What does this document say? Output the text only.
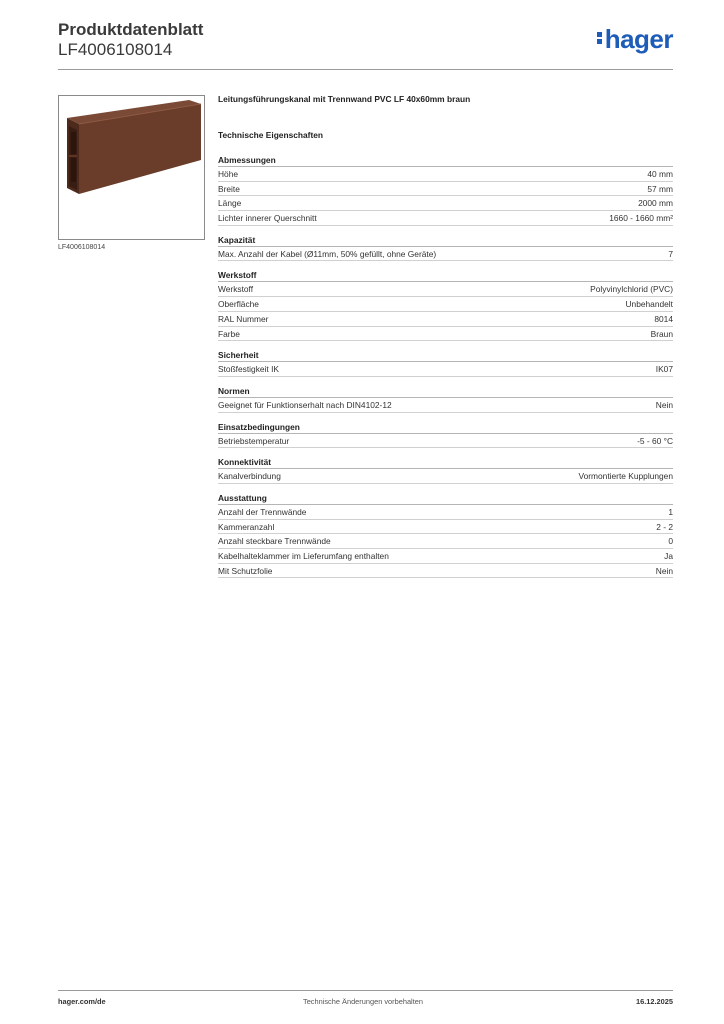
Produktdatenblatt
LF4006108014	hager
LF4006108014
Leitungsführungskanal mit Trennwand PVC LF 40x60mm braun
Technische Eigenschaften
Abmessungen
Höhe	40 mm
Breite	57 mm
Länge	2000 mm
Lichter innerer Querschnitt	1660 - 1660 mm²
Kapazität
Max. Anzahl der Kabel (Ø11mm, 50% gefüllt, ohne Geräte)	7
Werkstoff
Werkstoff	Polyvinylchlorid (PVC)
Oberfläche	Unbehandelt
RAL Nummer	8014
Farbe	Braun
Sicherheit
Stoßfestigkeit IK	IK07
Normen
Geeignet für Funktionserhalt nach DIN4102-12	Nein
Einsatzbedingungen
Betriebstemperatur	-5 - 60 °C
Konnektivität
Kanalverbindung	Vormontierte Kupplungen
Ausstattung
Anzahl der Trennwände	1
Kammeranzahl	2 - 2
Anzahl steckbare Trennwände	0
Kabelhalteklammer im Lieferumfang enthalten	Ja
Mit Schutzfolie	Nein
hager.com/de	Technische Änderungen vorbehalten	16.12.2025
